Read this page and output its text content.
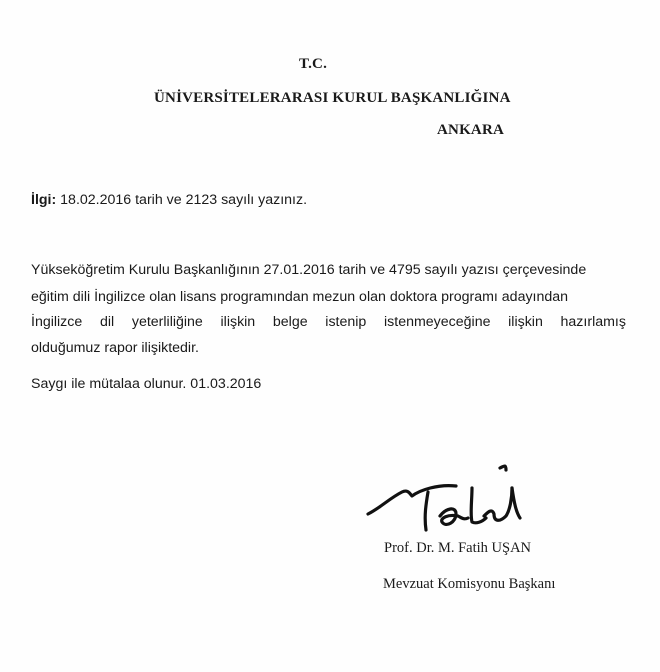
T.C.
ÜNİVERSİTELERARASI KURUL BAŞKANLIĞINA
ANKARA
İlgi: 18.02.2016 tarih ve 2123 sayılı yazınız.
Yükseköğretim Kurulu Başkanlığının 27.01.2016 tarih ve 4795 sayılı yazısı çerçevesinde
eğitim dili İngilizce olan lisans programından mezun olan doktora programı adayından
İngilizce dil yeterliliğine ilişkin belge istenip istenmeyeceğine ilişkin hazırlamış
olduğumuz rapor ilişiktedir.
Saygı ile mütalaa olunur. 01.03.2016
Prof. Dr. M. Fatih UŞAN
Mevzuat Komisyonu Başkanı
